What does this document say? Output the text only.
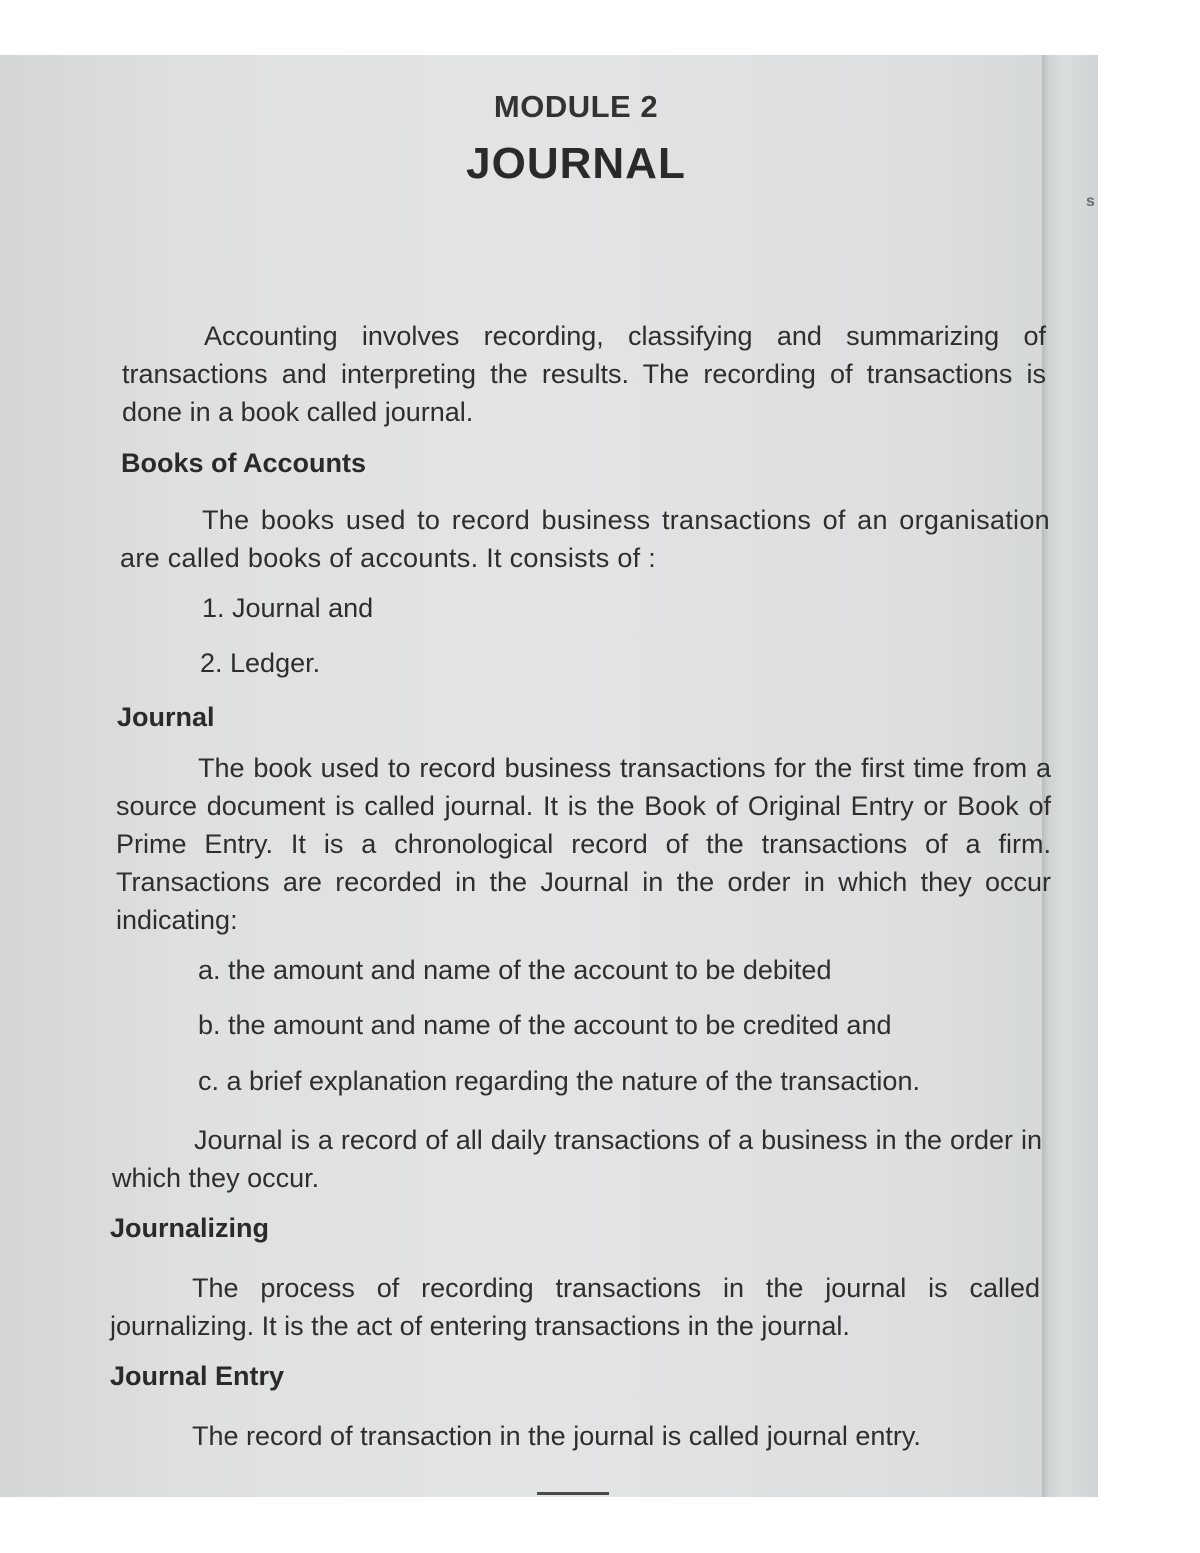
s
MODULE 2
JOURNAL
Accounting involves recording, classifying and summarizing of transactions and interpreting the results. The recording of transactions is done in a book called journal.
Books of Accounts
The books used to record business transactions of an organisation are called books of accounts. It consists of :
1. Journal and
2. Ledger.
Journal
The book used to record business transactions for the first time from a source document is called journal. It is the Book of Original Entry or Book of Prime Entry. It is a chronological record of the transactions of a firm. Transactions are recorded in the Journal in the order in which they occur indicating:
a. the amount and name of the account to be debited
b. the amount and name of the account to be credited and
c. a brief explanation regarding the nature of the transaction.
Journal is a record of all daily transactions of a business in the order in which they occur.
Journalizing
The process of recording transactions in the journal is called journalizing. It is the act of entering transactions in the journal.
Journal Entry
The record of transaction in the journal is called journal entry.
